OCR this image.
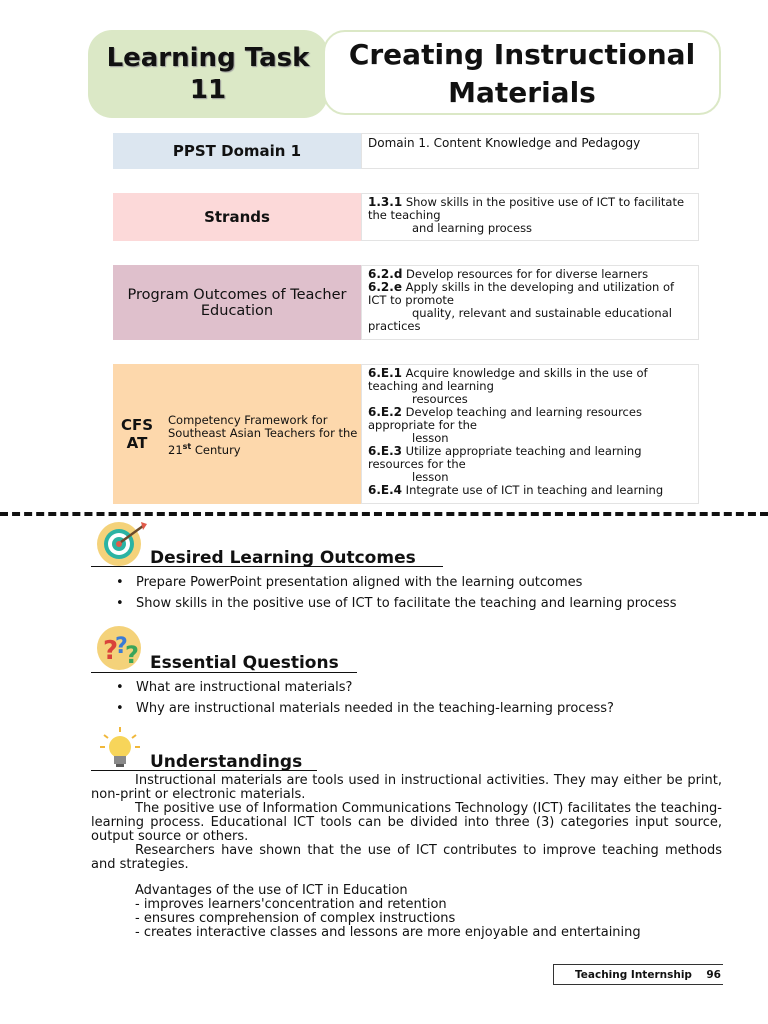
Learning Task
11
Creating Instructional
Materials
PPST Domain 1	Domain 1. Content Knowledge and Pedagogy
Strands
1.3.1 Show skills in the positive use of ICT to facilitate the teaching
and learning process
Program Outcomes of Teacher Education
6.2.d Develop resources for for diverse learners
6.2.e Apply skills in the developing and utilization of ICT to promote
quality, relevant and sustainable educational practices
CFS AT
Competency Framework for Southeast Asian Teachers for the 21st Century
6.E.1 Acquire knowledge and skills in the use of teaching and learning
resources
6.E.2 Develop teaching and learning resources appropriate for the
lesson
6.E.3 Utilize appropriate teaching and learning resources for the
lesson
6.E.4 Integrate use of ICT in teaching and learning
Desired Learning Outcomes
• Prepare PowerPoint presentation aligned with the learning outcomes
• Show skills in the positive use of ICT to facilitate the teaching and learning process
?
?
? Essential Questions
• What are instructional materials?
• Why are instructional materials needed in the teaching-learning process?
Understandings

Instructional materials are tools used in instructional activities. They may either be print, non-print or electronic materials.

The positive use of Information Communications Technology (ICT) facilitates the teaching-learning process. Educational ICT tools can be divided into three (3) categories input source, output source or others.

Researchers have shown that the use of ICT contributes to improve teaching methods and strategies.

Advantages of the use of ICT in Education
- improves learners'concentration and retention
- ensures comprehension of complex instructions
- creates interactive classes and lessons are more enjoyable and entertaining
Teaching Internship 96
